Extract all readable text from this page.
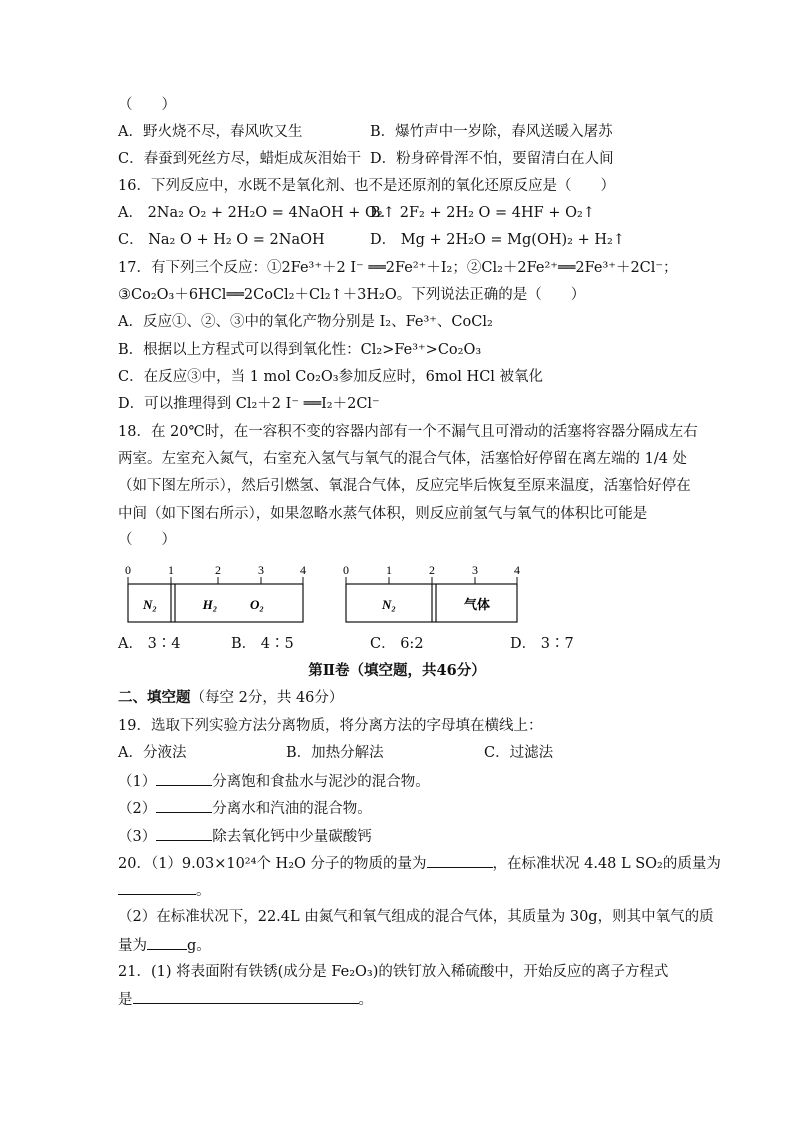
（　　）
A．野火烧不尽，春风吹又生	B．爆竹声中一岁除，春风送暖入屠苏
C．春蚕到死丝方尽，蜡炬成灰泪始干 D．粉身碎骨浑不怕，要留清白在人间
16．下列反应中，水既不是氧化剂、也不是还原剂的氧化还原反应是（　　）
A． 2Na₂ O₂ + 2H₂O = 4NaOH + O₂↑
B． 2F₂ + 2H₂ O = 4HF + O₂↑
C． Na₂ O + H₂ O = 2NaOH	D． Mg + 2H₂O = Mg(OH)₂ + H₂↑
17．有下列三个反应：①2Fe³⁺＋2 I⁻ ══2Fe²⁺＋I₂；②Cl₂＋2Fe²⁺══2Fe³⁺＋2Cl⁻；
③Co₂O₃＋6HCl══2CoCl₂＋Cl₂↑＋3H₂O。下列说法正确的是（　　）
A．反应①、②、③中的氧化产物分别是 I₂、Fe³⁺、CoCl₂
B．根据以上方程式可以得到氧化性：Cl₂>Fe³⁺>Co₂O₃
C．在反应③中，当 1 mol Co₂O₃参加反应时，6mol HCl 被氧化
D．可以推理得到 Cl₂＋2 I⁻ ══I₂＋2Cl⁻
18．在 20℃时，在一容积不变的容器内部有一个不漏气且可滑动的活塞将容器分隔成左右
两室。左室充入氮气，右室充入氢气与氧气的混合气体，活塞恰好停留在离左端的 1/4 处
（如下图左所示），然后引燃氢、氧混合气体，反应完毕后恢复至原来温度，活塞恰好停在
中间（如下图右所示），如果忽略水蒸气体积，则反应前氢气与氧气的体积比可能是
（　　）
0	1	2	3	4
N₂	H₂	O₂
0	1	2	3	4
N₂	气体
A． 3∶4	B． 4∶5	C． 6:2	D． 3∶7
第Ⅱ卷（填空题，共46分）
二、填空题（每空 2分，共 46分）
19．选取下列实验方法分离物质，将分离方法的字母填在横线上：
A．分液法	B．加热分解法	C．过滤法
（1）	分离饱和食盐水与泥沙的混合物。
（2）	分离水和汽油的混合物。
（3）	除去氧化钙中少量碳酸钙
20．（1）9.03×10²⁴个 H₂O 分子的物质的量为	，在标准状况 4.48 L SO₂的质量为
。
（2）在标准状况下，22.4L 由氮气和氧气组成的混合气体，其质量为 30g，则其中氧气的质
量为	g。
21．(1) 将表面附有铁锈(成分是 Fe₂O₃)的铁钉放入稀硫酸中，开始反应的离子方程式
是	。
